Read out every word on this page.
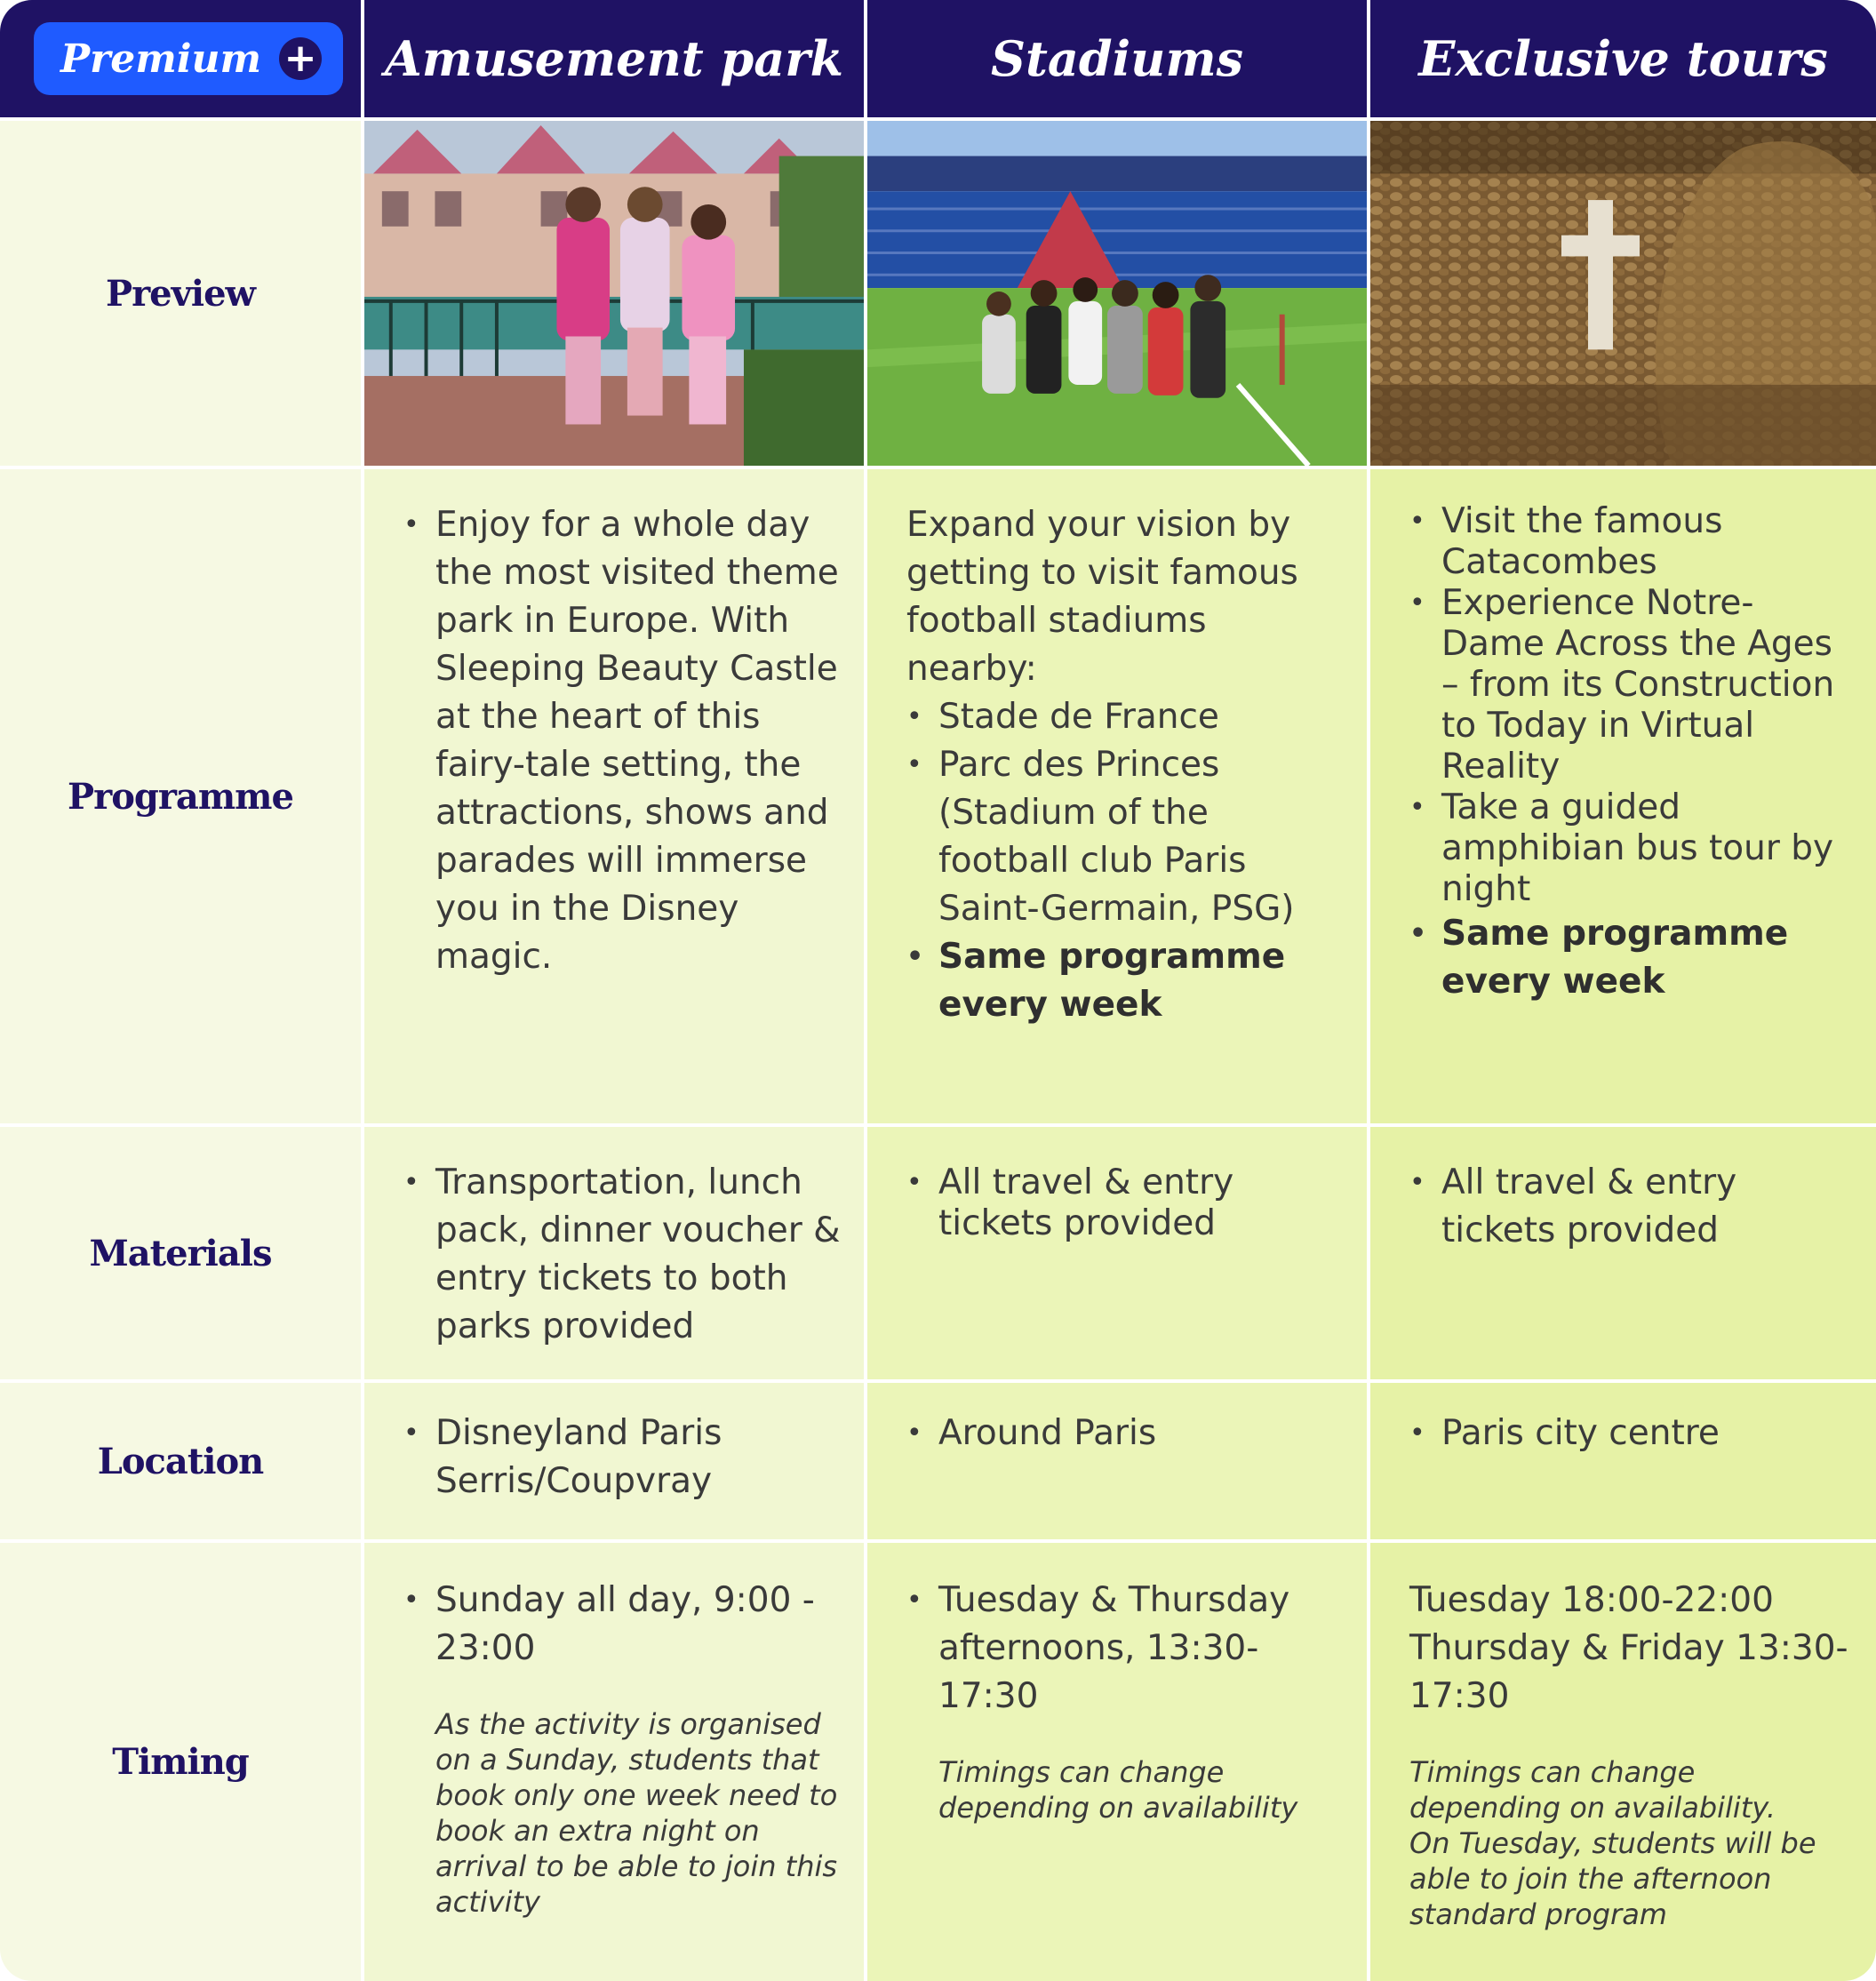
Premium +	Amusement park	Stadiums	Exclusive tours
Preview
Programme
• Enjoy for a whole day the most visited theme park in Europe. With Sleeping Beauty Castle at the heart of this fairy-tale setting, the attractions, shows and parades will immerse you in the Disney magic.

Expand your vision by getting to visit famous football stadiums nearby:

• Stade de France
• Parc des Princes (Stadium of the football club Paris Saint-Germain, PSG)
• Same programme every week
• Visit the famous Catacombes
• Experience Notre-Dame Across the Ages – from its Construction to Today in Virtual Reality
• Take a guided amphibian bus tour by night
• Same programme every week
Materials
• Transportation, lunch pack, dinner voucher & entry tickets to both parks provided
• All travel & entry tickets provided
• All travel & entry tickets provided
Location
• Disneyland Paris Serris/Coupvray
• Around Paris
•	Paris city centre
Timing
• Sunday all day, 9:00 - 23:00

As the activity is organised on a Sunday, students that book only one week need to book an extra night on arrival to be able to join this activity

• Tuesday & Thursday afternoons, 13:30-17:30

Timings can change depending on availability

Tuesday 18:00-22:00

Thursday & Friday 13:30-17:30

Timings can change depending on availability.

On Tuesday, students will be able to join the afternoon standard program
